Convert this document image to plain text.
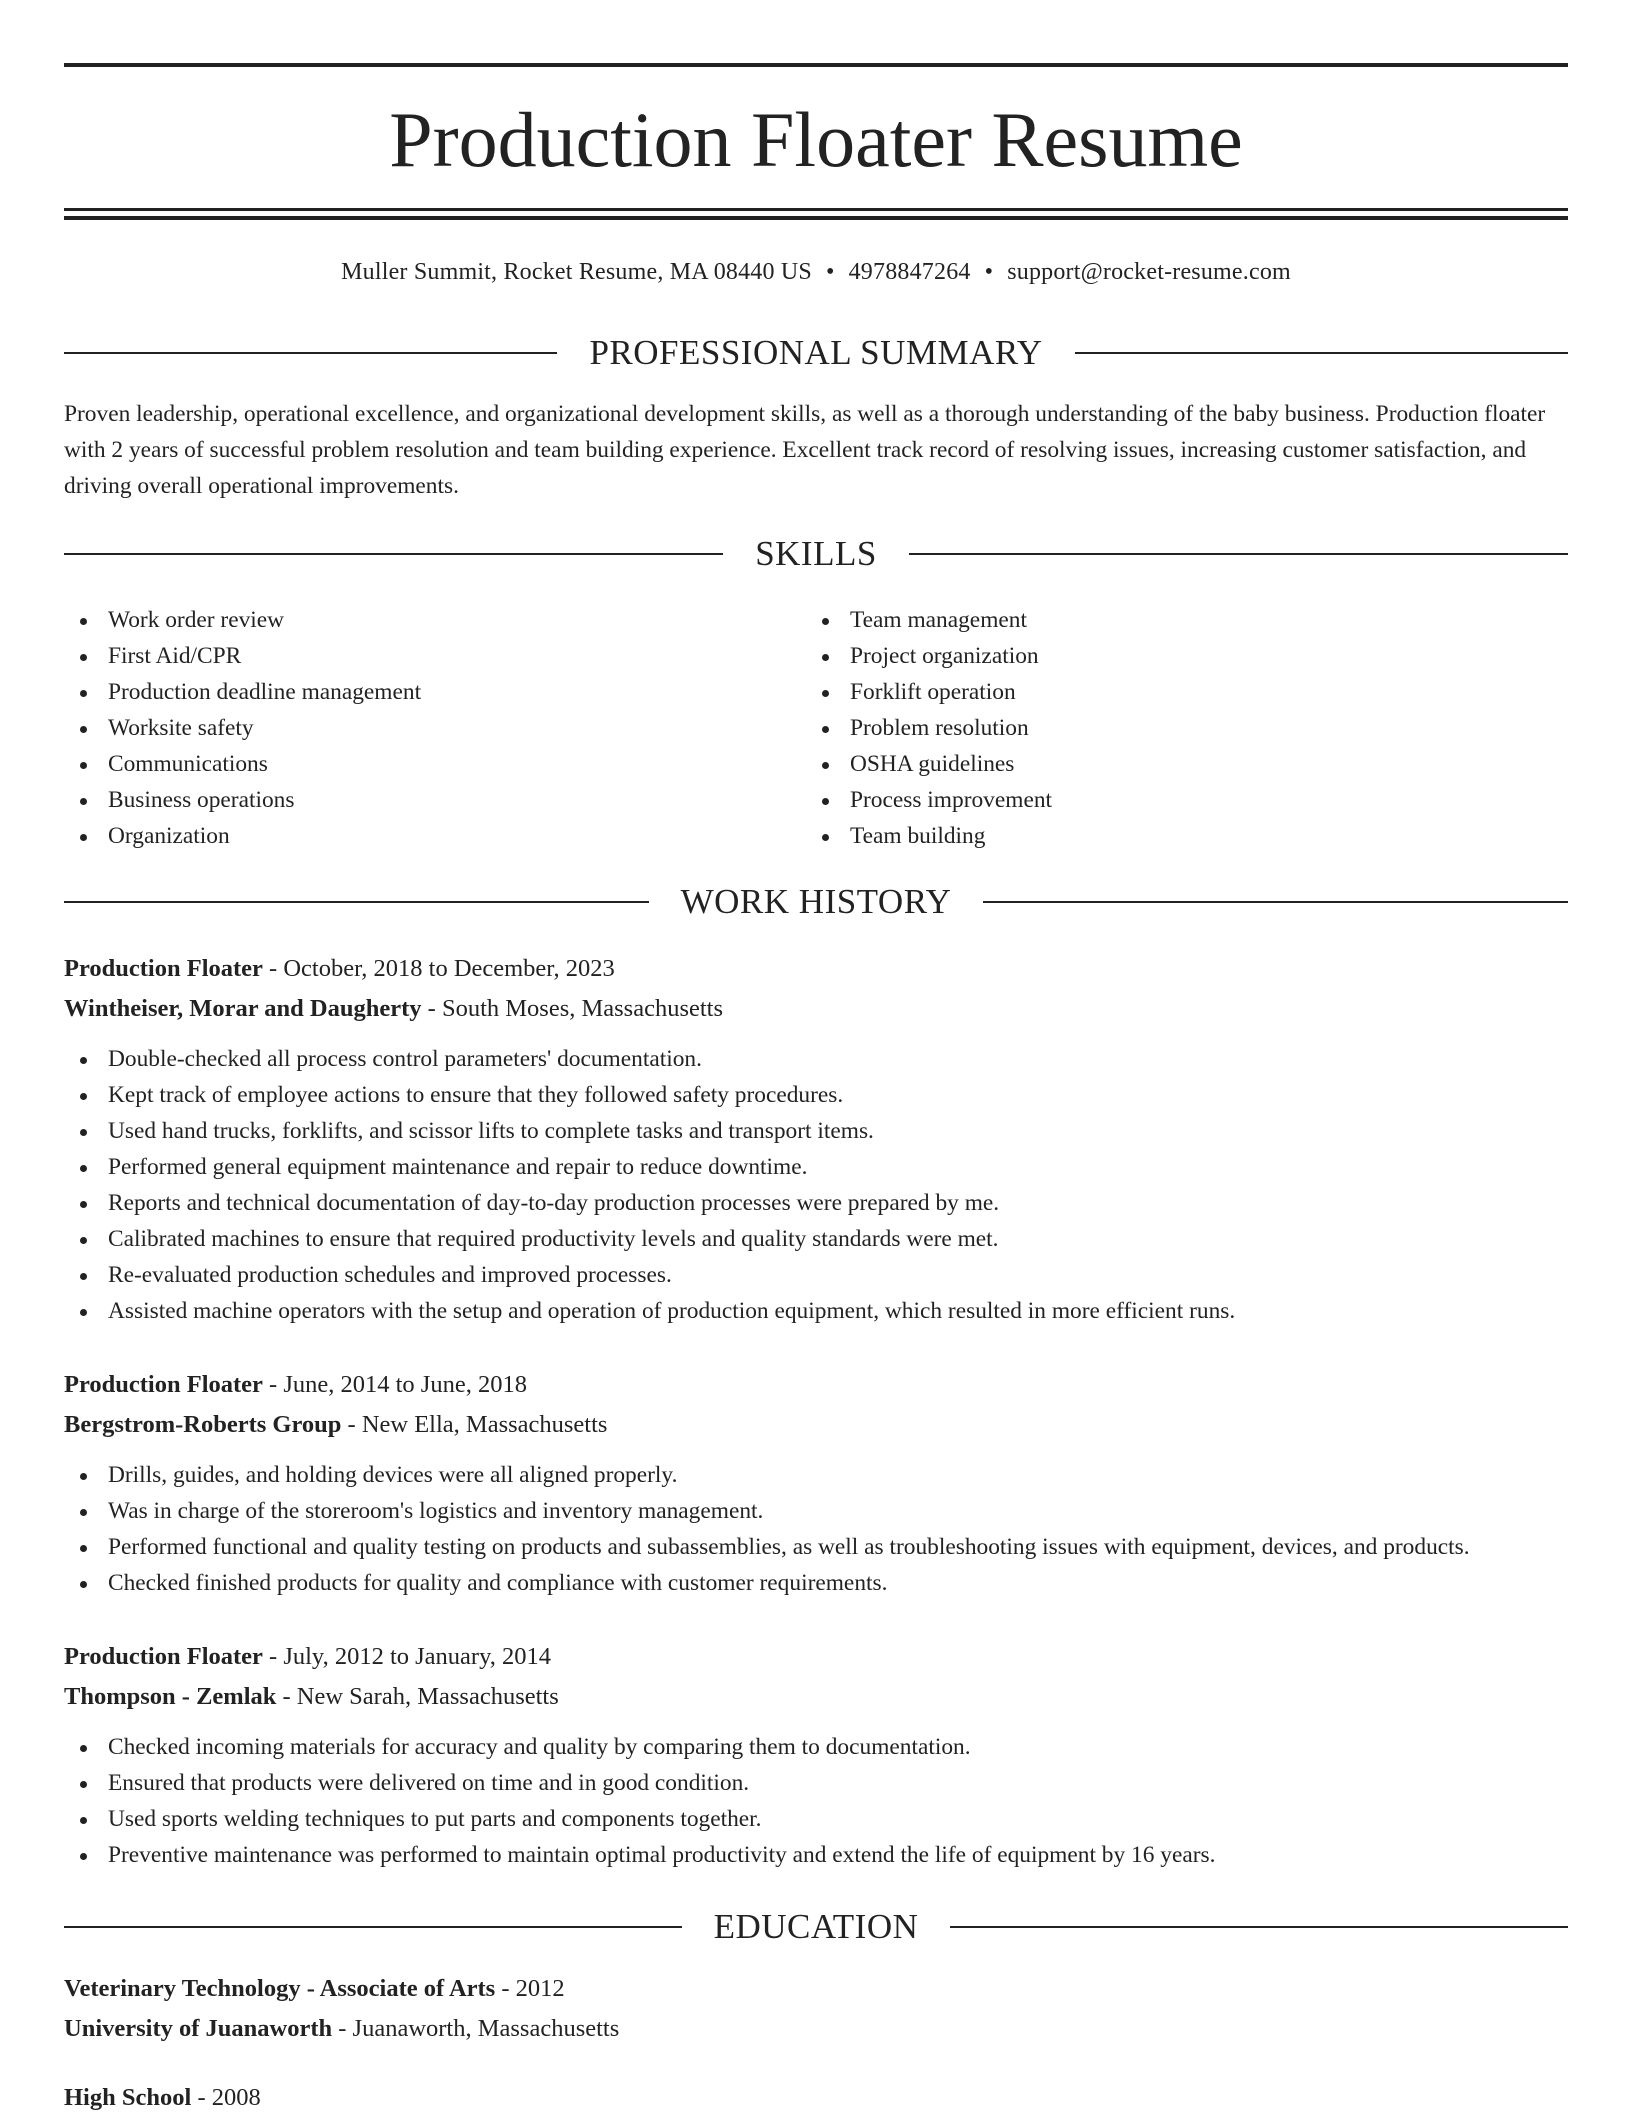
Production Floater Resume
Muller Summit, Rocket Resume, MA 08440 US • 4978847264 • support@rocket-resume.com
PROFESSIONAL SUMMARY

Proven leadership, operational excellence, and organizational development skills, as well as a thorough understanding of the baby business. Production floater with 2 years of successful problem resolution and team building experience. Excellent track record of resolving issues, increasing customer satisfaction, and driving overall operational improvements.

SKILLS
Work order review
First Aid/CPR
Production deadline management
Worksite safety
Communications
Business operations
Organization
Team management
Project organization
Forklift operation
Problem resolution
OSHA guidelines
Process improvement
Team building
WORK HISTORY
Production Floater - October, 2018 to December, 2023
Wintheiser, Morar and Daugherty - South Moses, Massachusetts
Double-checked all process control parameters' documentation.
Kept track of employee actions to ensure that they followed safety procedures.
Used hand trucks, forklifts, and scissor lifts to complete tasks and transport items.
Performed general equipment maintenance and repair to reduce downtime.
Reports and technical documentation of day-to-day production processes were prepared by me.
Calibrated machines to ensure that required productivity levels and quality standards were met.
Re-evaluated production schedules and improved processes.
Assisted machine operators with the setup and operation of production equipment, which resulted in more efficient runs.
Production Floater - June, 2014 to June, 2018
Bergstrom-Roberts Group - New Ella, Massachusetts
Drills, guides, and holding devices were all aligned properly.
Was in charge of the storeroom's logistics and inventory management.
Performed functional and quality testing on products and subassemblies, as well as troubleshooting issues with equipment, devices, and products.
Checked finished products for quality and compliance with customer requirements.
Production Floater - July, 2012 to January, 2014
Thompson - Zemlak - New Sarah, Massachusetts
Checked incoming materials for accuracy and quality by comparing them to documentation.
Ensured that products were delivered on time and in good condition.
Used sports welding techniques to put parts and components together.
Preventive maintenance was performed to maintain optimal productivity and extend the life of equipment by 16 years.
EDUCATION
Veterinary Technology - Associate of Arts - 2012
University of Juanaworth - Juanaworth, Massachusetts
High School - 2008
